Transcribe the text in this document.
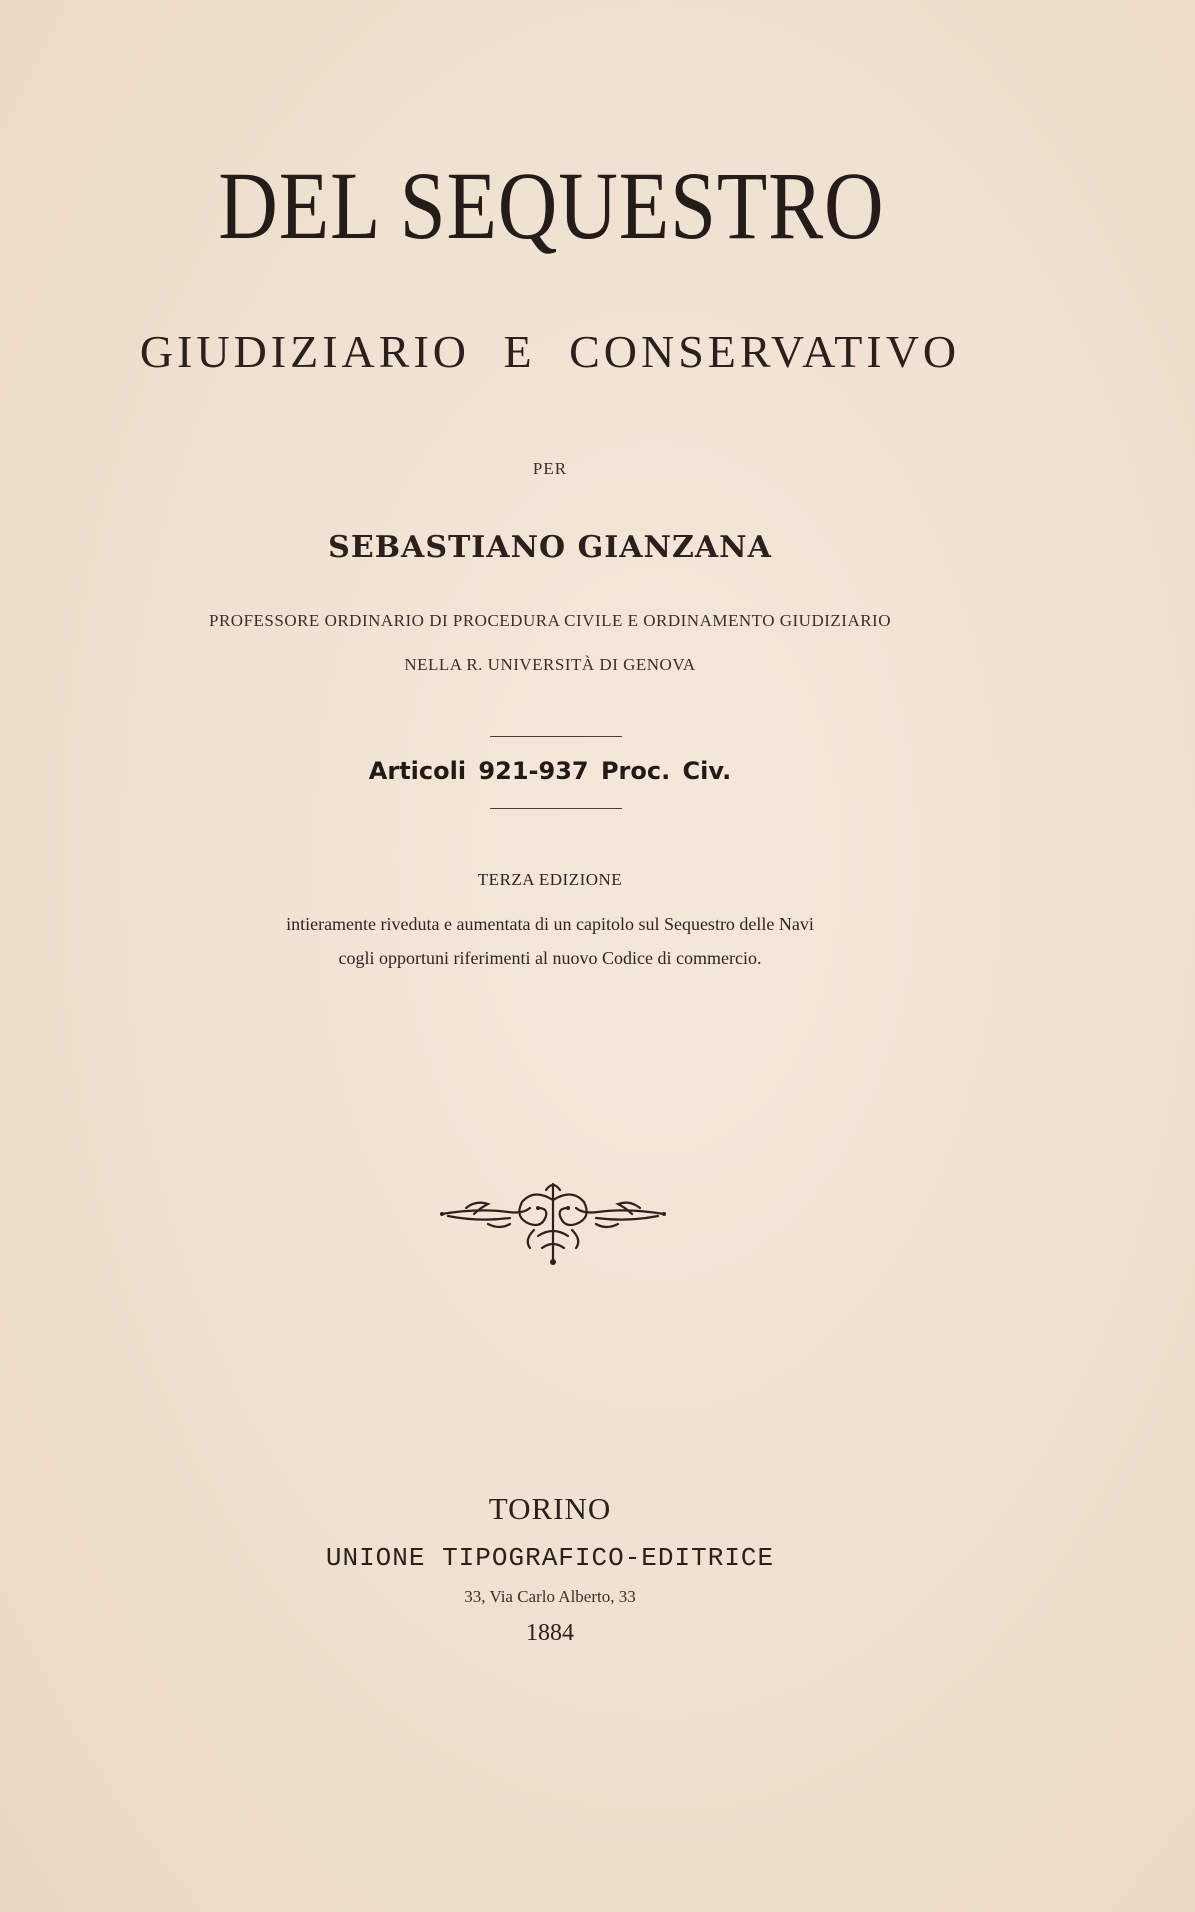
DEL SEQUESTRO
GIUDIZIARIO E CONSERVATIVO
PER
SEBASTIANO GIANZANA
PROFESSORE ORDINARIO DI PROCEDURA CIVILE E ORDINAMENTO GIUDIZIARIO
NELLA R. UNIVERSITÀ DI GENOVA
Articoli 921-937 Proc. Civ.
TERZA EDIZIONE
intieramente riveduta e aumentata di un capitolo sul Sequestro delle Navi
cogli opportuni riferimenti al nuovo Codice di commercio.
TORINO
UNIONE TIPOGRAFICO-EDITRICE
33, Via Carlo Alberto, 33
1884
